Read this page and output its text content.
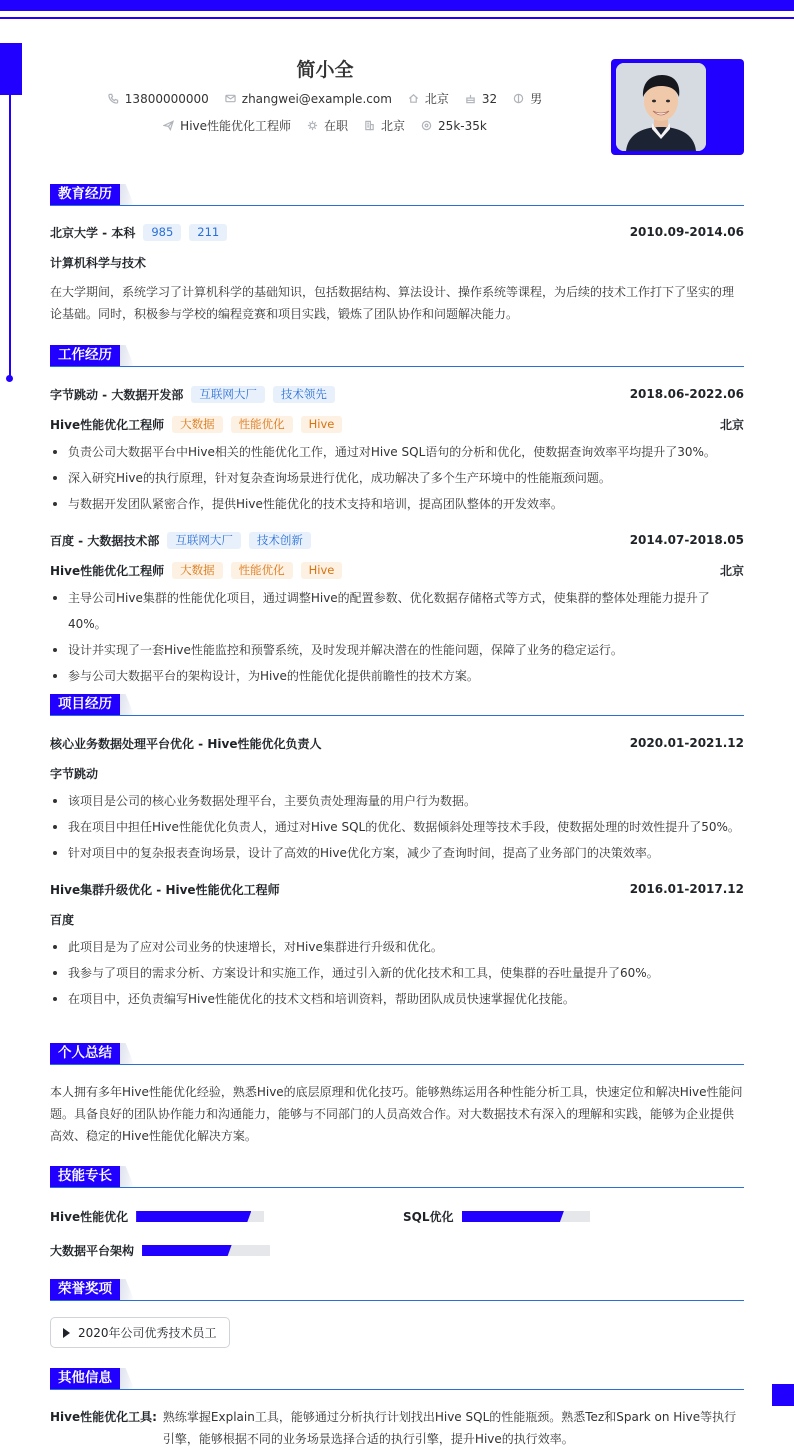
简小全
13800000000	zhangwei@example.com	北京	32	男
Hive性能优化工程师	在职	北京	25k-35k
教育经历
北京大学 - 本科	985	211	2010.09-2014.06
计算机科学与技术

在大学期间，系统学习了计算机科学的基础知识，包括数据结构、算法设计、操作系统等课程，为后续的技术工作打下了坚实的理论基础。同时，积极参与学校的编程竞赛和项目实践，锻炼了团队协作和问题解决能力。

工作经历
字节跳动 - 大数据开发部	互联网大厂	技术领先	2018.06-2022.06
Hive性能优化工程师	大数据	性能优化	Hive	北京
负责公司大数据平台中Hive相关的性能优化工作，通过对Hive SQL语句的分析和优化，使数据查询效率平均提升了30%。
深入研究Hive的执行原理，针对复杂查询场景进行优化，成功解决了多个生产环境中的性能瓶颈问题。
与数据开发团队紧密合作，提供Hive性能优化的技术支持和培训，提高团队整体的开发效率。
百度 - 大数据技术部	互联网大厂	技术创新	2014.07-2018.05
Hive性能优化工程师	大数据	性能优化	Hive	北京
主导公司Hive集群的性能优化项目，通过调整Hive的配置参数、优化数据存储格式等方式，使集群的整体处理能力提升了40%。
设计并实现了一套Hive性能监控和预警系统，及时发现并解决潜在的性能问题，保障了业务的稳定运行。
参与公司大数据平台的架构设计，为Hive的性能优化提供前瞻性的技术方案。
项目经历
核心业务数据处理平台优化 - Hive性能优化负责人	2020.01-2021.12
字节跳动
该项目是公司的核心业务数据处理平台，主要负责处理海量的用户行为数据。
我在项目中担任Hive性能优化负责人，通过对Hive SQL的优化、数据倾斜处理等技术手段，使数据处理的时效性提升了50%。
针对项目中的复杂报表查询场景，设计了高效的Hive优化方案，减少了查询时间，提高了业务部门的决策效率。
Hive集群升级优化 - Hive性能优化工程师	2016.01-2017.12
百度
此项目是为了应对公司业务的快速增长，对Hive集群进行升级和优化。
我参与了项目的需求分析、方案设计和实施工作，通过引入新的优化技术和工具，使集群的吞吐量提升了60%。
在项目中，还负责编写Hive性能优化的技术文档和培训资料，帮助团队成员快速掌握优化技能。
个人总结

本人拥有多年Hive性能优化经验，熟悉Hive的底层原理和优化技巧。能够熟练运用各种性能分析工具，快速定位和解决Hive性能问题。具备良好的团队协作能力和沟通能力，能够与不同部门的人员高效合作。对大数据技术有深入的理解和实践，能够为企业提供高效、稳定的Hive性能优化解决方案。

技能专长
Hive性能优化	SQL优化
大数据平台架构
荣誉奖项
2020年公司优秀技术员工
其他信息
Hive性能优化工具: 熟练掌握Explain工具，能够通过分析执行计划找出Hive SQL的性能瓶颈。熟悉Tez和Spark on Hive等执行引擎，能够根据不同的业务场景选择合适的执行引擎，提升Hive的执行效率。
